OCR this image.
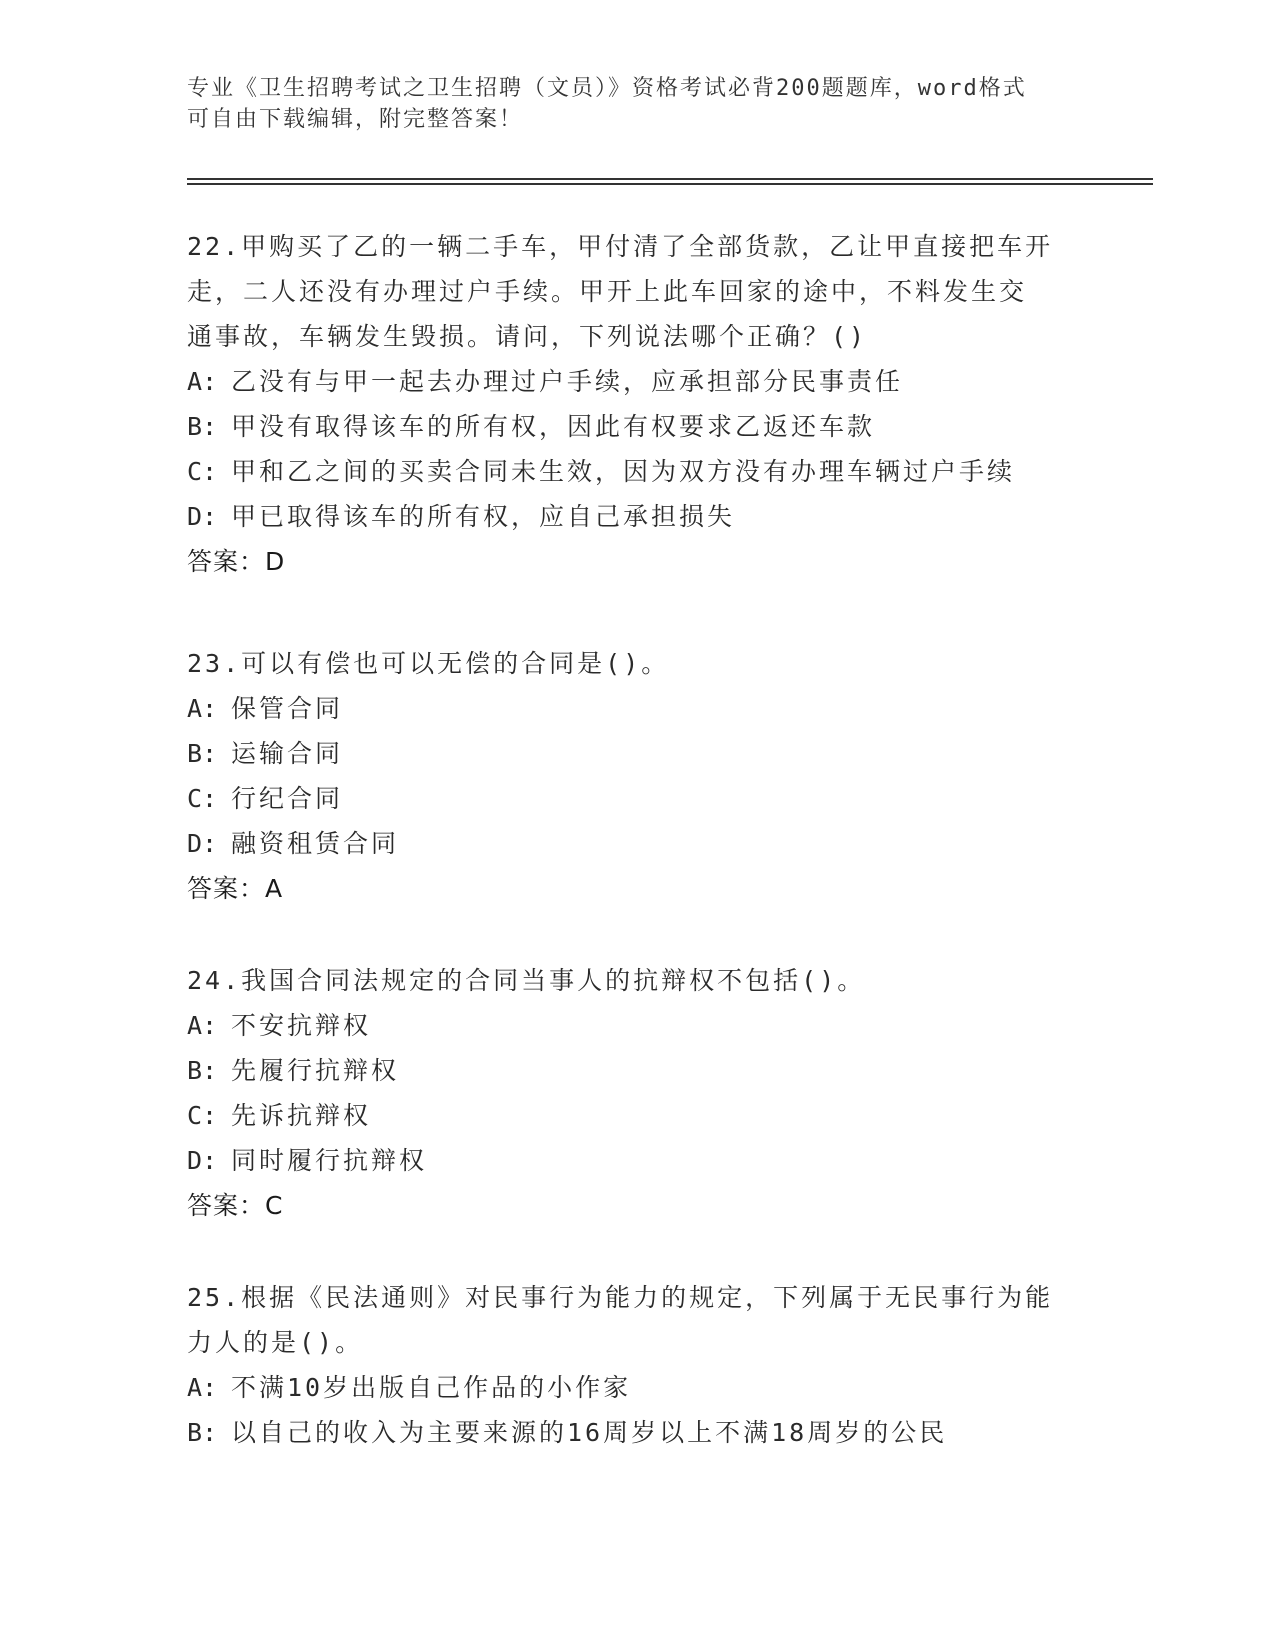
专业《卫生招聘考试之卫生招聘（文员）》资格考试必背200题题库，word格式
可自由下载编辑，附完整答案！
22.甲购买了乙的一辆二手车，甲付清了全部货款，乙让甲直接把车开
走，二人还没有办理过户手续。甲开上此车回家的途中，不料发生交
通事故，车辆发生毁损。请问，下列说法哪个正确？()
A: 乙没有与甲一起去办理过户手续，应承担部分民事责任
B: 甲没有取得该车的所有权，因此有权要求乙返还车款
C: 甲和乙之间的买卖合同未生效，因为双方没有办理车辆过户手续
D: 甲已取得该车的所有权，应自己承担损失
答案：D
23.可以有偿也可以无偿的合同是()。
A: 保管合同
B: 运输合同
C: 行纪合同
D: 融资租赁合同
答案：A
24.我国合同法规定的合同当事人的抗辩权不包括()。
A: 不安抗辩权
B: 先履行抗辩权
C: 先诉抗辩权
D: 同时履行抗辩权
答案：C
25.根据《民法通则》对民事行为能力的规定，下列属于无民事行为能
力人的是()。
A: 不满10岁出版自己作品的小作家
B: 以自己的收入为主要来源的16周岁以上不满18周岁的公民
